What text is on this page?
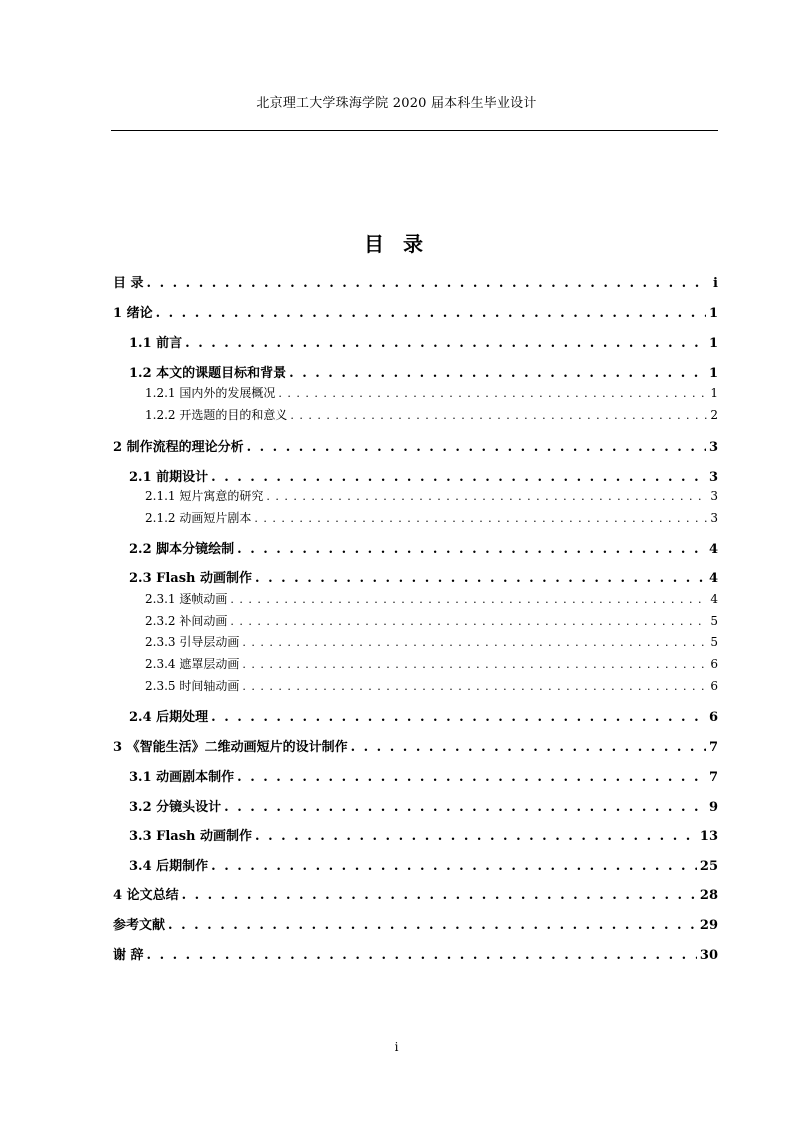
北京理工大学珠海学院 2020 届本科生毕业设计
目 录
目 录 . . .	i
1 绪论 . . .	1
1.1 前言 . . .	1
1.2 本文的课题目标和背景 . . .	1
1.2.1 国内外的发展概况 . . .	1
1.2.2 开选题的目的和意义 . . .	2
2 制作流程的理论分析 . . .	3
2.1 前期设计 . . .	3
2.1.1 短片寓意的研究 . . .	3
2.1.2 动画短片剧本 . . .	3
2.2 脚本分镜绘制 . . .	4
2.3 Flash 动画制作 . . .	4
2.3.1 逐帧动画 . . .	4
2.3.2 补间动画 . . .	5
2.3.3 引导层动画 . . .	5
2.3.4 遮罩层动画 . . .	6
2.3.5 时间轴动画 . . .	6
2.4 后期处理 . . .	6
3 《智能生活》二维动画短片的设计制作 . . .	7
3.1 动画剧本制作 . . .	7
3.2 分镜头设计 . . .	9
3.3 Flash 动画制作 . . .	13
3.4 后期制作 . . .	25
4 论文总结 . . .	28
参考文献 . . .	29
谢 辞 . . .	30
i
